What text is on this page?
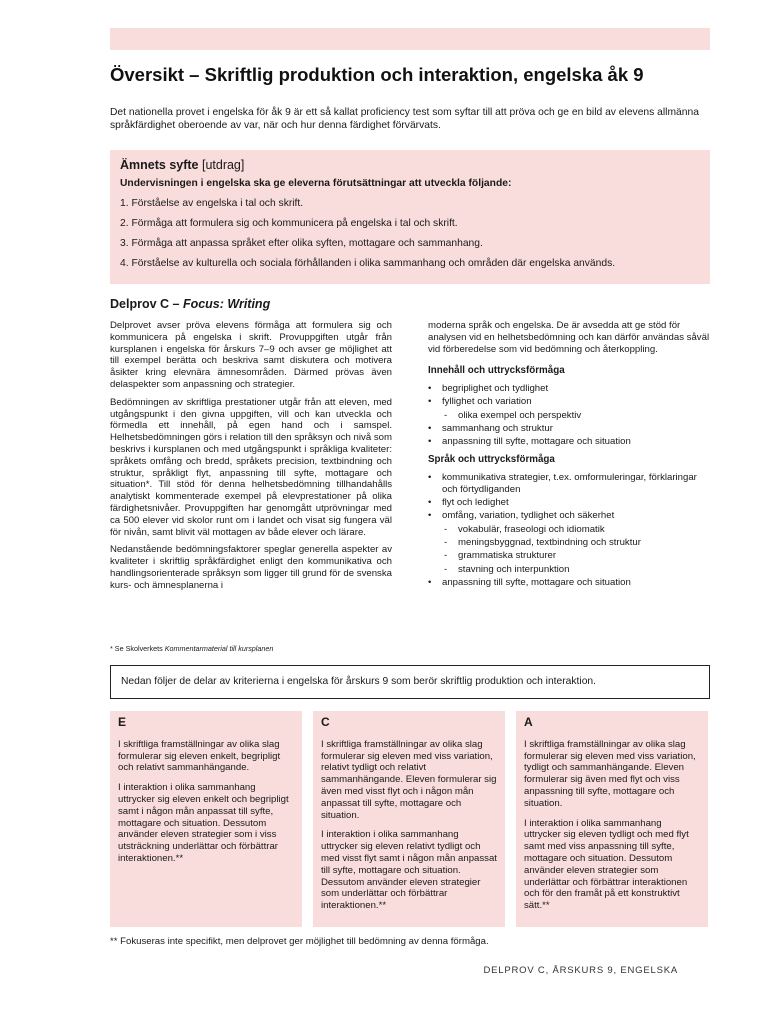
Översikt – Skriftlig produktion och interaktion, engelska åk 9

Det nationella provet i engelska för åk 9 är ett så kallat proficiency test som syftar till att pröva och ge en bild av elevens allmänna språkfärdighet oberoende av var, när och hur denna färdighet förvärvats.

Ämnets syfte [utdrag]
Undervisningen i engelska ska ge eleverna förutsättningar att utveckla följande:
1. Förståelse av engelska i tal och skrift.
2. Förmåga att formulera sig och kommunicera på engelska i tal och skrift.
3. Förmåga att anpassa språket efter olika syften, mottagare och sammanhang.
4. Förståelse av kulturella och sociala förhållanden i olika sammanhang och områden där engelska används.
Delprov C – Focus: Writing

Delprovet avser pröva elevens förmåga att formulera sig och kommunicera på engelska i skrift. Provuppgiften utgår från kursplanen i engelska för årskurs 7–9 och avser ge möjlighet att till exempel berätta och beskriva samt diskutera och motivera åsikter kring elevnära ämnesområden. Därmed prövas även delaspekter som anpassning och strategier.

Bedömningen av skriftliga prestationer utgår från att eleven, med utgångspunkt i den givna uppgiften, vill och kan utveckla och förmedla ett innehåll, på egen hand och i samspel. Helhetsbedömningen görs i relation till den språksyn och nivå som beskrivs i kursplanen och med utgångspunkt i språkliga kvaliteter: språkets omfång och bredd, språkets precision, textbindning och struktur, språkligt flyt, anpassning till syfte, mottagare och situation*. Till stöd för denna helhetsbedömning tillhandahålls analytiskt kommenterade exempel på elevprestationer på olika färdighetsnivåer. Provuppgiften har genomgått utprövningar med ca 500 elever vid skolor runt om i landet och visat sig fungera väl för nivån, samt blivit väl mottagen av både elever och lärare.

Nedanstående bedömningsfaktorer speglar generella aspekter av kvaliteter i skriftlig språkfärdighet enligt den kommunikativa och handlingsorienterade språksyn som ligger till grund för de svenska kurs- och ämnesplanerna i

moderna språk och engelska. De är avsedda att ge stöd för analysen vid en helhetsbedömning och kan därför användas såväl vid förberedelse som vid bedömning och återkoppling.

Innehåll och uttrycksförmåga
• begriplighet och tydlighet
• fyllighet och variation
- olika exempel och perspektiv
• sammanhang och struktur
• anpassning till syfte, mottagare och situation
Språk och uttrycksförmåga
• kommunikativa strategier, t.ex. omformuleringar, förklaringar och förtydliganden
• flyt och ledighet
• omfång, variation, tydlighet och säkerhet
- vokabulär, fraseologi och idiomatik
- meningsbyggnad, textbindning och struktur
- grammatiska strukturer
- stavning och interpunktion
• anpassning till syfte, mottagare och situation
* Se Skolverkets Kommentarmaterial till kursplanen
Nedan följer de delar av kriterierna i engelska för årskurs 9 som berör skriftlig produktion och interaktion.
E

I skriftliga framställningar av olika slag formulerar sig eleven enkelt, begripligt och relativt sammanhängande.

I interaktion i olika sammanhang uttrycker sig eleven enkelt och begripligt samt i någon mån anpassat till syfte, mottagare och situation. Dessutom använder eleven strategier som i viss utsträckning underlättar och förbättrar interaktionen.**

C

I skriftliga framställningar av olika slag formulerar sig eleven med viss variation, relativt tydligt och relativt sammanhängande. Eleven formulerar sig även med visst flyt och i någon mån anpassat till syfte, mottagare och situation.

I interaktion i olika sammanhang uttrycker sig eleven relativt tydligt och med visst flyt samt i någon mån anpassat till syfte, mottagare och situation. Dessutom använder eleven strategier som underlättar och förbättrar interaktionen.**

A

I skriftliga framställningar av olika slag formulerar sig eleven med viss variation, tydligt och sammanhängande. Eleven formulerar sig även med flyt och viss anpassning till syfte, mottagare och situation.

I interaktion i olika sammanhang uttrycker sig eleven tydligt och med flyt samt med viss anpassning till syfte, mottagare och situation. Dessutom använder eleven strategier som underlättar och förbättrar interaktionen och för den framåt på ett konstruktivt sätt.**

** Fokuseras inte specifikt, men delprovet ger möjlighet till bedömning av denna förmåga.
DELPROV C, ÅRSKURS 9, ENGELSKA
